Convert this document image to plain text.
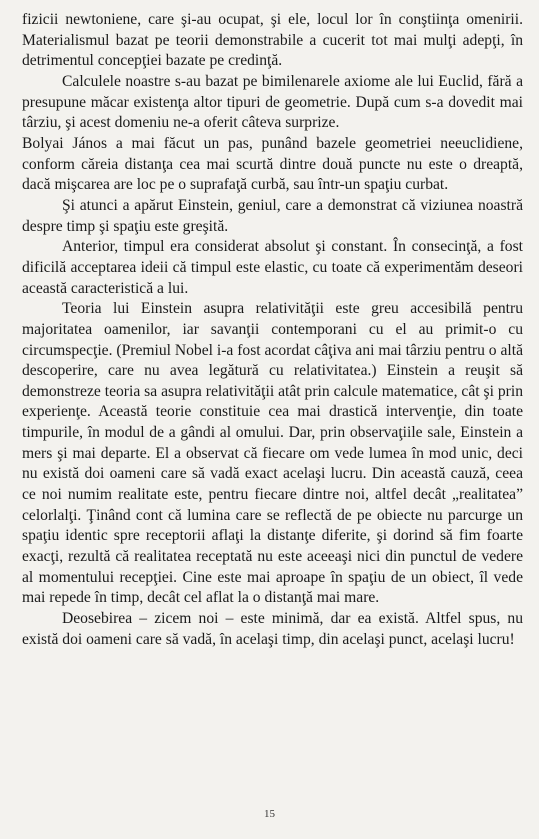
fizicii newtoniene, care şi-au ocupat, şi ele, locul lor în conştiinţa omenirii. Materialismul bazat pe teorii demonstrabile a cucerit tot mai mulţi adepţi, în detrimentul concepţiei bazate pe credinţă.

Calculele noastre s-au bazat pe bimilenarele axiome ale lui Euclid, fără a presupune măcar existenţa altor tipuri de geometrie. După cum s-a dovedit mai târziu, şi acest domeniu ne-a oferit câteva surprize.

Bolyai János a mai făcut un pas, punând bazele geometriei neeuclidiene, conform căreia distanţa cea mai scurtă dintre două puncte nu este o dreaptă, dacă mişcarea are loc pe o suprafaţă curbă, sau într-un spaţiu curbat.

Şi atunci a apărut Einstein, geniul, care a demonstrat că viziunea noastră despre timp şi spaţiu este greşită.

Anterior, timpul era considerat absolut şi constant. În consecinţă, a fost dificilă acceptarea ideii că timpul este elastic, cu toate că experimentăm deseori această caracteristică a lui.

Teoria lui Einstein asupra relativităţii este greu accesibilă pentru majoritatea oamenilor, iar savanţii contemporani cu el au primit-o cu circumspecţie. (Premiul Nobel i-a fost acordat câţiva ani mai târziu pentru o altă descoperire, care nu avea legătură cu relativitatea.) Einstein a reuşit să demonstreze teoria sa asupra relativităţii atât prin calcule matematice, cât şi prin experienţe. Această teorie constituie cea mai drastică intervenţie, din toate timpurile, în modul de a gândi al omului. Dar, prin observaţiile sale, Einstein a mers şi mai departe. El a observat că fiecare om vede lumea în mod unic, deci nu există doi oameni care să vadă exact acelaşi lucru. Din această cauză, ceea ce noi numim realitate este, pentru fiecare dintre noi, altfel decât „realitatea” celorlalţi. Ţinând cont că lumina care se reflectă de pe obiecte nu parcurge un spaţiu identic spre receptorii aflaţi la distanţe diferite, şi dorind să fim foarte exacţi, rezultă că realitatea receptată nu este aceeaşi nici din punctul de vedere al momentului recepţiei. Cine este mai aproape în spaţiu de un obiect, îl vede mai repede în timp, decât cel aflat la o distanţă mai mare.

Deosebirea – zicem noi – este minimă, dar ea există. Altfel spus, nu există doi oameni care să vadă, în acelaşi timp, din acelaşi punct, acelaşi lucru!

15
